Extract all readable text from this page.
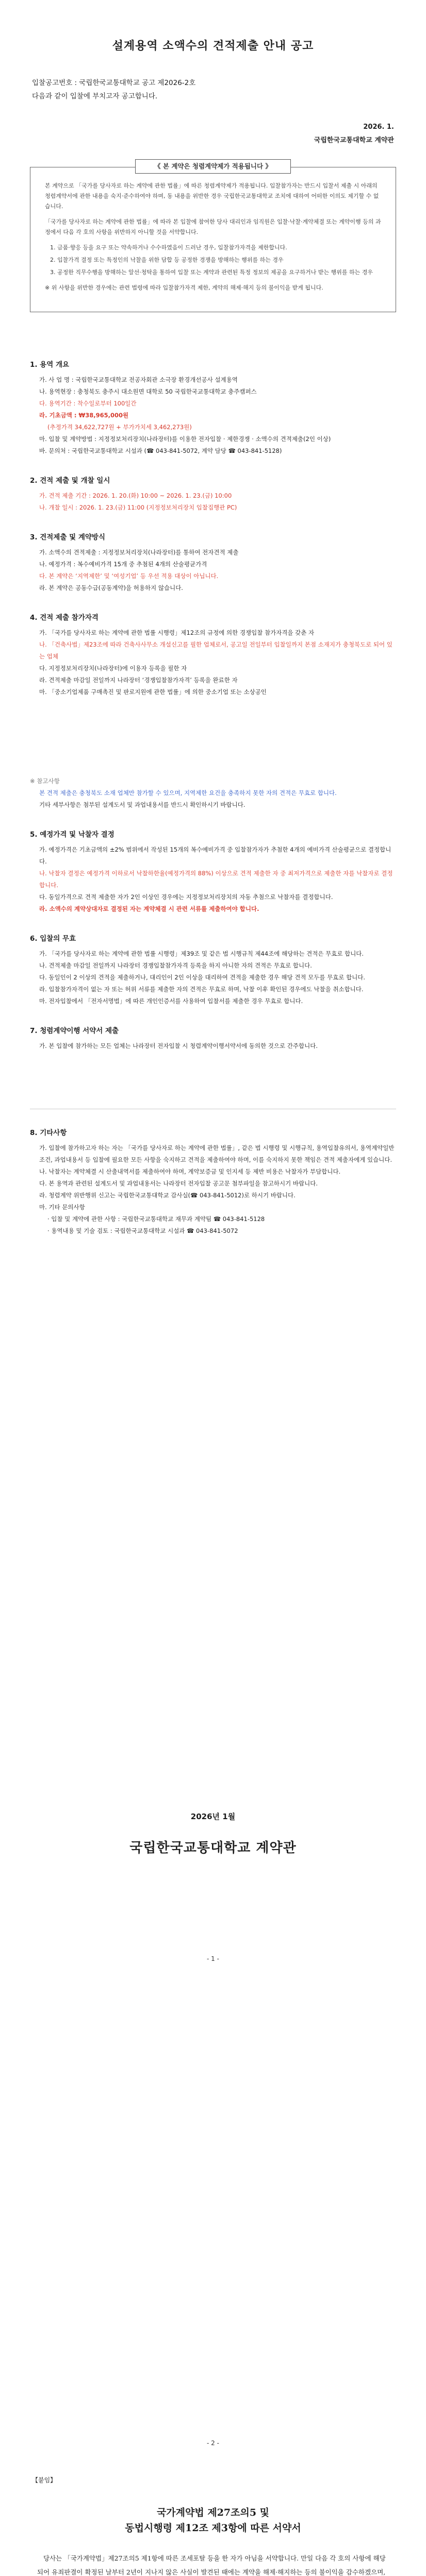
설계용역 소액수의 견적제출 안내 공고
입찰공고번호 : 국립한국교통대학교 공고 제2026-2호
다음과 같이 입찰에 부치고자 공고합니다.
2026. 1.
국립한국교통대학교 계약관
《 본 계약은 청렴계약제가 적용됩니다 》
본 계약으로 「국가를 당사자로 하는 계약에 관한 법률」에 따른 청렴계약제가 적용됩니다. 입찰참가자는 반드시 입찰서 제출 시 아래의 청렴계약서에 관한 내용을 숙지·준수하여야 하며, 동 내용을 위반한 경우 국립한국교통대학교 조치에 대하여 어떠한 이의도 제기할 수 없습니다.
「국가를 당사자로 하는 계약에 관한 법률」에 따라 본 입찰에 참여한 당사 대리인과 임직원은 입찰·낙찰·계약체결 또는 계약이행 등의 과정에서 다음 각 호의 사항을 위반하지 아니할 것을 서약합니다.
1. 금품·향응 등을 요구 또는 약속하거나 수수하였음이 드러난 경우, 입찰참가자격을 제한합니다.
2. 입찰가격 결정 또는 특정인의 낙찰을 위한 담합 등 공정한 경쟁을 방해하는 행위를 하는 경우
3. 공정한 직무수행을 방해하는 알선·청탁을 통하여 입찰 또는 계약과 관련된 특정 정보의 제공을 요구하거나 받는 행위를 하는 경우
※ 위 사항을 위반한 경우에는 관련 법령에 따라 입찰참가자격 제한, 계약의 해제·해지 등의 불이익을 받게 됩니다.
1. 용역 개요
가. 사 업 명 : 국립한국교통대학교 전공자회관 소극장 환경개선공사 설계용역
나. 용역현장 : 충청북도 충주시 대소원면 대학로 50 국립한국교통대학교 충주캠퍼스
다. 용역기간 : 착수일로부터 100일간
라. 기초금액 : ₩38,965,000원
(추정가격 34,622,727원 + 부가가치세 3,462,273원)
마. 입찰 및 계약방법 : 지정정보처리장치(나라장터)를 이용한 전자입찰 · 제한경쟁 · 소액수의 견적제출(2인 이상)
바. 문의처 : 국립한국교통대학교 시설과 (☎ 043-841-5072, 계약 담당 ☎ 043-841-5128)
2. 견적 제출 및 개찰 일시
가. 견적 제출 기간 : 2026. 1. 20.(화) 10:00 ~ 2026. 1. 23.(금) 10:00
나. 개찰 일시 : 2026. 1. 23.(금) 11:00 (지정정보처리장치 입찰집행관 PC)
3. 견적제출 및 계약방식
가. 소액수의 견적제출 : 지정정보처리장치(나라장터)를 통하여 전자견적 제출
나. 예정가격 : 복수예비가격 15개 중 추첨된 4개의 산술평균가격
다. 본 계약은 ‘지역제한’ 및 ‘여성기업’ 등 우선 적용 대상이 아닙니다.
라. 본 계약은 공동수급(공동계약)을 허용하지 않습니다.
4. 견적 제출 참가자격
가. 「국가를 당사자로 하는 계약에 관한 법률 시행령」제12조의 규정에 의한 경쟁입찰 참가자격을 갖춘 자
나. 「건축사법」제23조에 따라 건축사사무소 개설신고를 필한 업체로서, 공고일 전일부터 입찰일까지 본점 소재지가 충청북도로 되어 있는 업체
다. 지정정보처리장치(나라장터)에 이용자 등록을 필한 자
라. 견적제출 마감일 전일까지 나라장터 ‘경쟁입찰참가자격’ 등록을 완료한 자
마. 「중소기업제품 구매촉진 및 판로지원에 관한 법률」에 의한 중소기업 또는 소상공인
※ 참고사항
본 견적 제출은 충청북도 소재 업체만 참가할 수 있으며, 지역제한 요건을 충족하지 못한 자의 견적은 무효로 합니다.
기타 세부사항은 첨부된 설계도서 및 과업내용서를 반드시 확인하시기 바랍니다.
5. 예정가격 및 낙찰자 결정
가. 예정가격은 기초금액의 ±2% 범위에서 작성된 15개의 복수예비가격 중 입찰참가자가 추첨한 4개의 예비가격 산술평균으로 결정합니다.
나. 낙찰자 결정은 예정가격 이하로서 낙찰하한율(예정가격의 88%) 이상으로 견적 제출한 자 중 최저가격으로 제출한 자를 낙찰자로 결정합니다.
다. 동일가격으로 견적 제출한 자가 2인 이상인 경우에는 지정정보처리장치의 자동 추첨으로 낙찰자를 결정합니다.
라. 소액수의 계약상대자로 결정된 자는 계약체결 시 관련 서류를 제출하여야 합니다.
6. 입찰의 무효
가. 「국가를 당사자로 하는 계약에 관한 법률 시행령」제39조 및 같은 법 시행규칙 제44조에 해당하는 견적은 무효로 합니다.
나. 견적제출 마감일 전일까지 나라장터 경쟁입찰참가자격 등록을 하지 아니한 자의 견적은 무효로 합니다.
다. 동일인이 2 이상의 견적을 제출하거나, 대리인이 2인 이상을 대리하여 견적을 제출한 경우 해당 견적 모두를 무효로 합니다.
라. 입찰참가자격이 없는 자 또는 허위 서류를 제출한 자의 견적은 무효로 하며, 낙찰 이후 확인된 경우에도 낙찰을 취소합니다.
마. 전자입찰에서 「전자서명법」에 따른 개인인증서를 사용하여 입찰서를 제출한 경우 무효로 합니다.
7. 청렴계약이행 서약서 제출
가. 본 입찰에 참가하는 모든 업체는 나라장터 전자입찰 시 청렴계약이행서약서에 동의한 것으로 간주합니다.
8. 기타사항
가. 입찰에 참가하고자 하는 자는 「국가를 당사자로 하는 계약에 관한 법률」, 같은 법 시행령 및 시행규칙, 용역입찰유의서, 용역계약일반조건, 과업내용서 등 입찰에 필요한 모든 사항을 숙지하고 견적을 제출하여야 하며, 이를 숙지하지 못한 책임은 견적 제출자에게 있습니다.
나. 낙찰자는 계약체결 시 산출내역서를 제출하여야 하며, 계약보증금 및 인지세 등 제반 비용은 낙찰자가 부담합니다.
다. 본 용역과 관련된 설계도서 및 과업내용서는 나라장터 전자입찰 공고문 첨부파일을 참고하시기 바랍니다.
라. 청렴계약 위반행위 신고는 국립한국교통대학교 감사실(☎ 043-841-5012)로 하시기 바랍니다.
마. 기타 문의사항
· 입찰 및 계약에 관한 사항 : 국립한국교통대학교 재무과 계약팀 ☎ 043-841-5128
· 용역내용 및 기술 검토 : 국립한국교통대학교 시설과 ☎ 043-841-5072
2026년 1월
국립한국교통대학교 계약관
- 1 -
- 2 -
【붙임】
국가계약법 제27조의5 및
동법시행령 제12조 제3항에 따른 서약서
당사는 「국가계약법」제27조의5 제1항에 따른 조세포탈 등을 한 자가 아님을 서약합니다. 만일 다음 각 호의 사항에 해당되어 유죄판결이 확정된 날부터 2년이 지나지 않은 사실이 발견된 때에는 계약을 해제·해지하는 등의 불이익을 감수하겠으며,
